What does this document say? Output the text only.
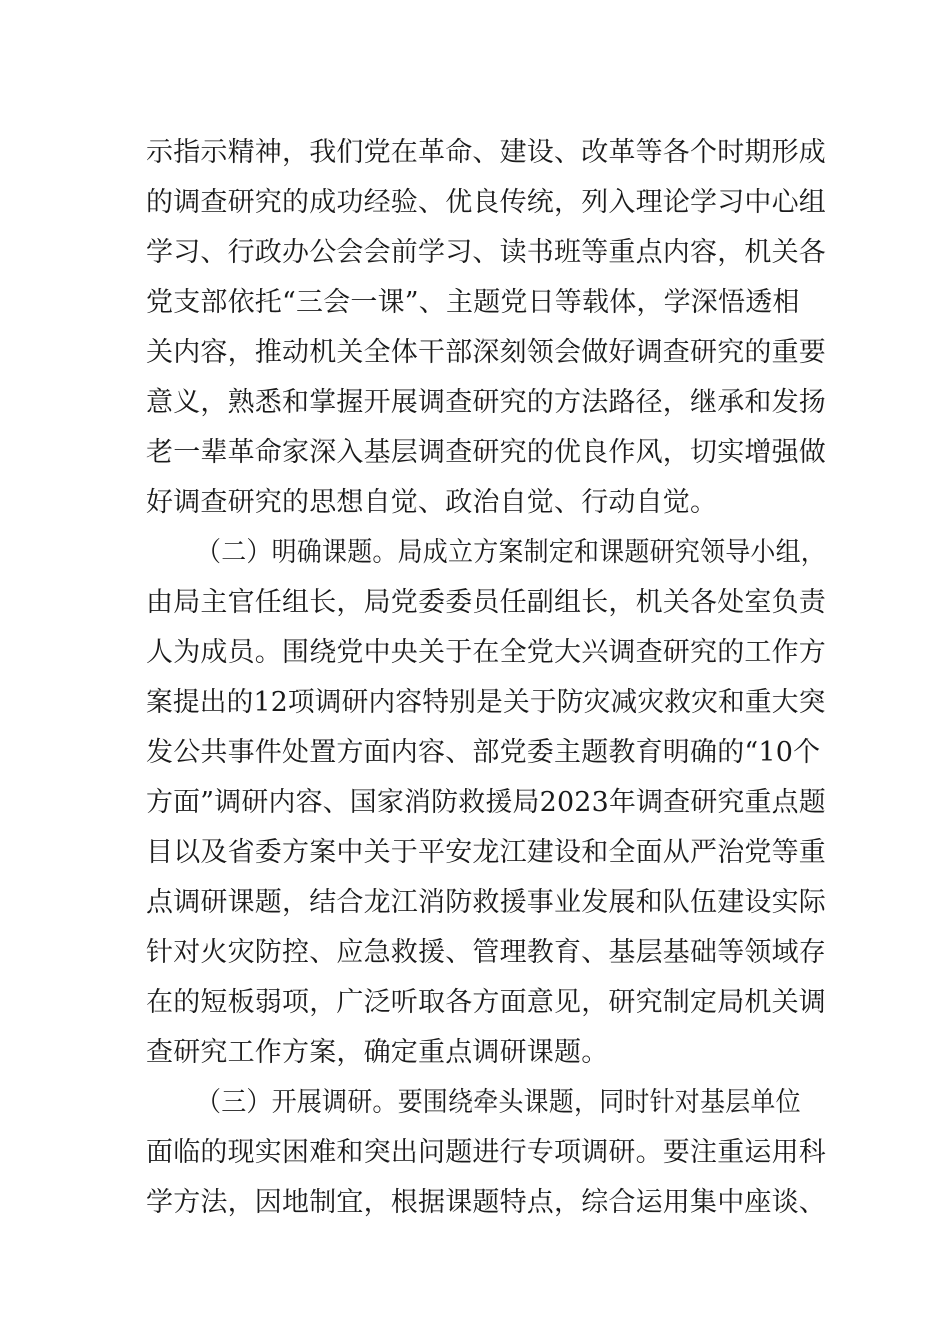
示指示精神，我们党在革命、建设、改革等各个时期形成
的调查研究的成功经验、优良传统，列入理论学习中心组
学习、行政办公会会前学习、读书班等重点内容，机关各
党支部依托“三会一课”、主题党日等载体，学深悟透相
关内容，推动机关全体干部深刻领会做好调查研究的重要
意义，熟悉和掌握开展调查研究的方法路径，继承和发扬
老一辈革命家深入基层调查研究的优良作风，切实增强做
好调查研究的思想自觉、政治自觉、行动自觉。
（二）明确课题。局成立方案制定和课题研究领导小组，
由局主官任组长，局党委委员任副组长，机关各处室负责
人为成员。围绕党中央关于在全党大兴调查研究的工作方
案提出的12项调研内容特别是关于防灾减灾救灾和重大突
发公共事件处置方面内容、部党委主题教育明确的“10个
方面”调研内容、国家消防救援局2023年调查研究重点题
目以及省委方案中关于平安龙江建设和全面从严治党等重
点调研课题，结合龙江消防救援事业发展和队伍建设实际
针对火灾防控、应急救援、管理教育、基层基础等领域存
在的短板弱项，广泛听取各方面意见，研究制定局机关调
查研究工作方案，确定重点调研课题。
（三）开展调研。要围绕牵头课题，同时针对基层单位
面临的现实困难和突出问题进行专项调研。要注重运用科
学方法，因地制宜，根据课题特点，综合运用集中座谈、
